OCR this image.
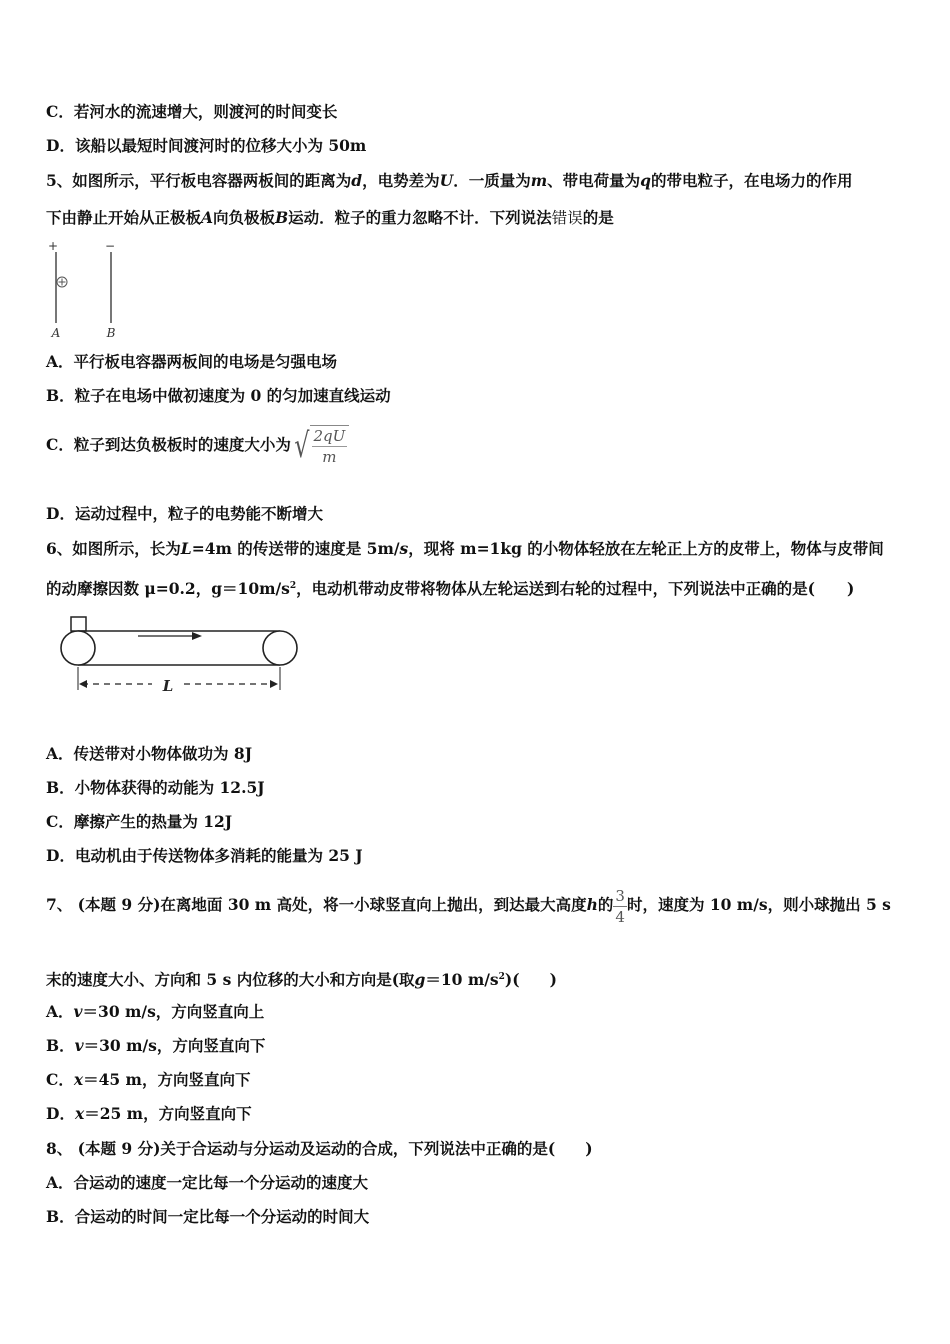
C．若河水的流速增大，则渡河的时间变长
D．该船以最短时间渡河时的位移大小为 50m
5、如图所示，平行板电容器两板间的距离为d，电势差为U．一质量为m、带电荷量为q的带电粒子，在电场力的作用
下由静止开始从正极板A向负极板B运动．粒子的重力忽略不计．下列说法错误的是
+	−
A	B
A．平行板电容器两板间的电场是匀强电场
B．粒子在电场中做初速度为 0 的匀加速直线运动
C．粒子到达负极板时的速度大小为 √ $\frac{2qU}{m}$
D．运动过程中，粒子的电势能不断增大
6、如图所示，长为L=4m 的传送带的速度是 5m/s，现将 m=1kg 的小物体轻放在左轮正上方的皮带上，物体与皮带间
的动摩擦因数 μ=0.2，$g=10m/s^2$，电动机带动皮带将物体从左轮运送到右轮的过程中，下列说法中正确的是( )
L
A．传送带对小物体做功为 8J
B．小物体获得的动能为 12.5J
C．摩擦产生的热量为 12J
D．电动机由于传送物体多消耗的能量为 25 J
7、 (本题 9 分)在离地面 30 m 高处，将一小球竖直向上抛出，到达最大高度h的 $\frac{3}{4}$ 时，速度为 10 m/s，则小球抛出 5 s
末的速度大小、方向和 5 s 内位移的大小和方向是(取g＝10 $m/s^2$)( )
A．v＝30 m/s，方向竖直向上
B．v＝30 m/s，方向竖直向下
C．x＝45 m，方向竖直向下
D．x＝25 m，方向竖直向下
8、 (本题 9 分)关于合运动与分运动及运动的合成，下列说法中正确的是( )
A．合运动的速度一定比每一个分运动的速度大
B．合运动的时间一定比每一个分运动的时间大
